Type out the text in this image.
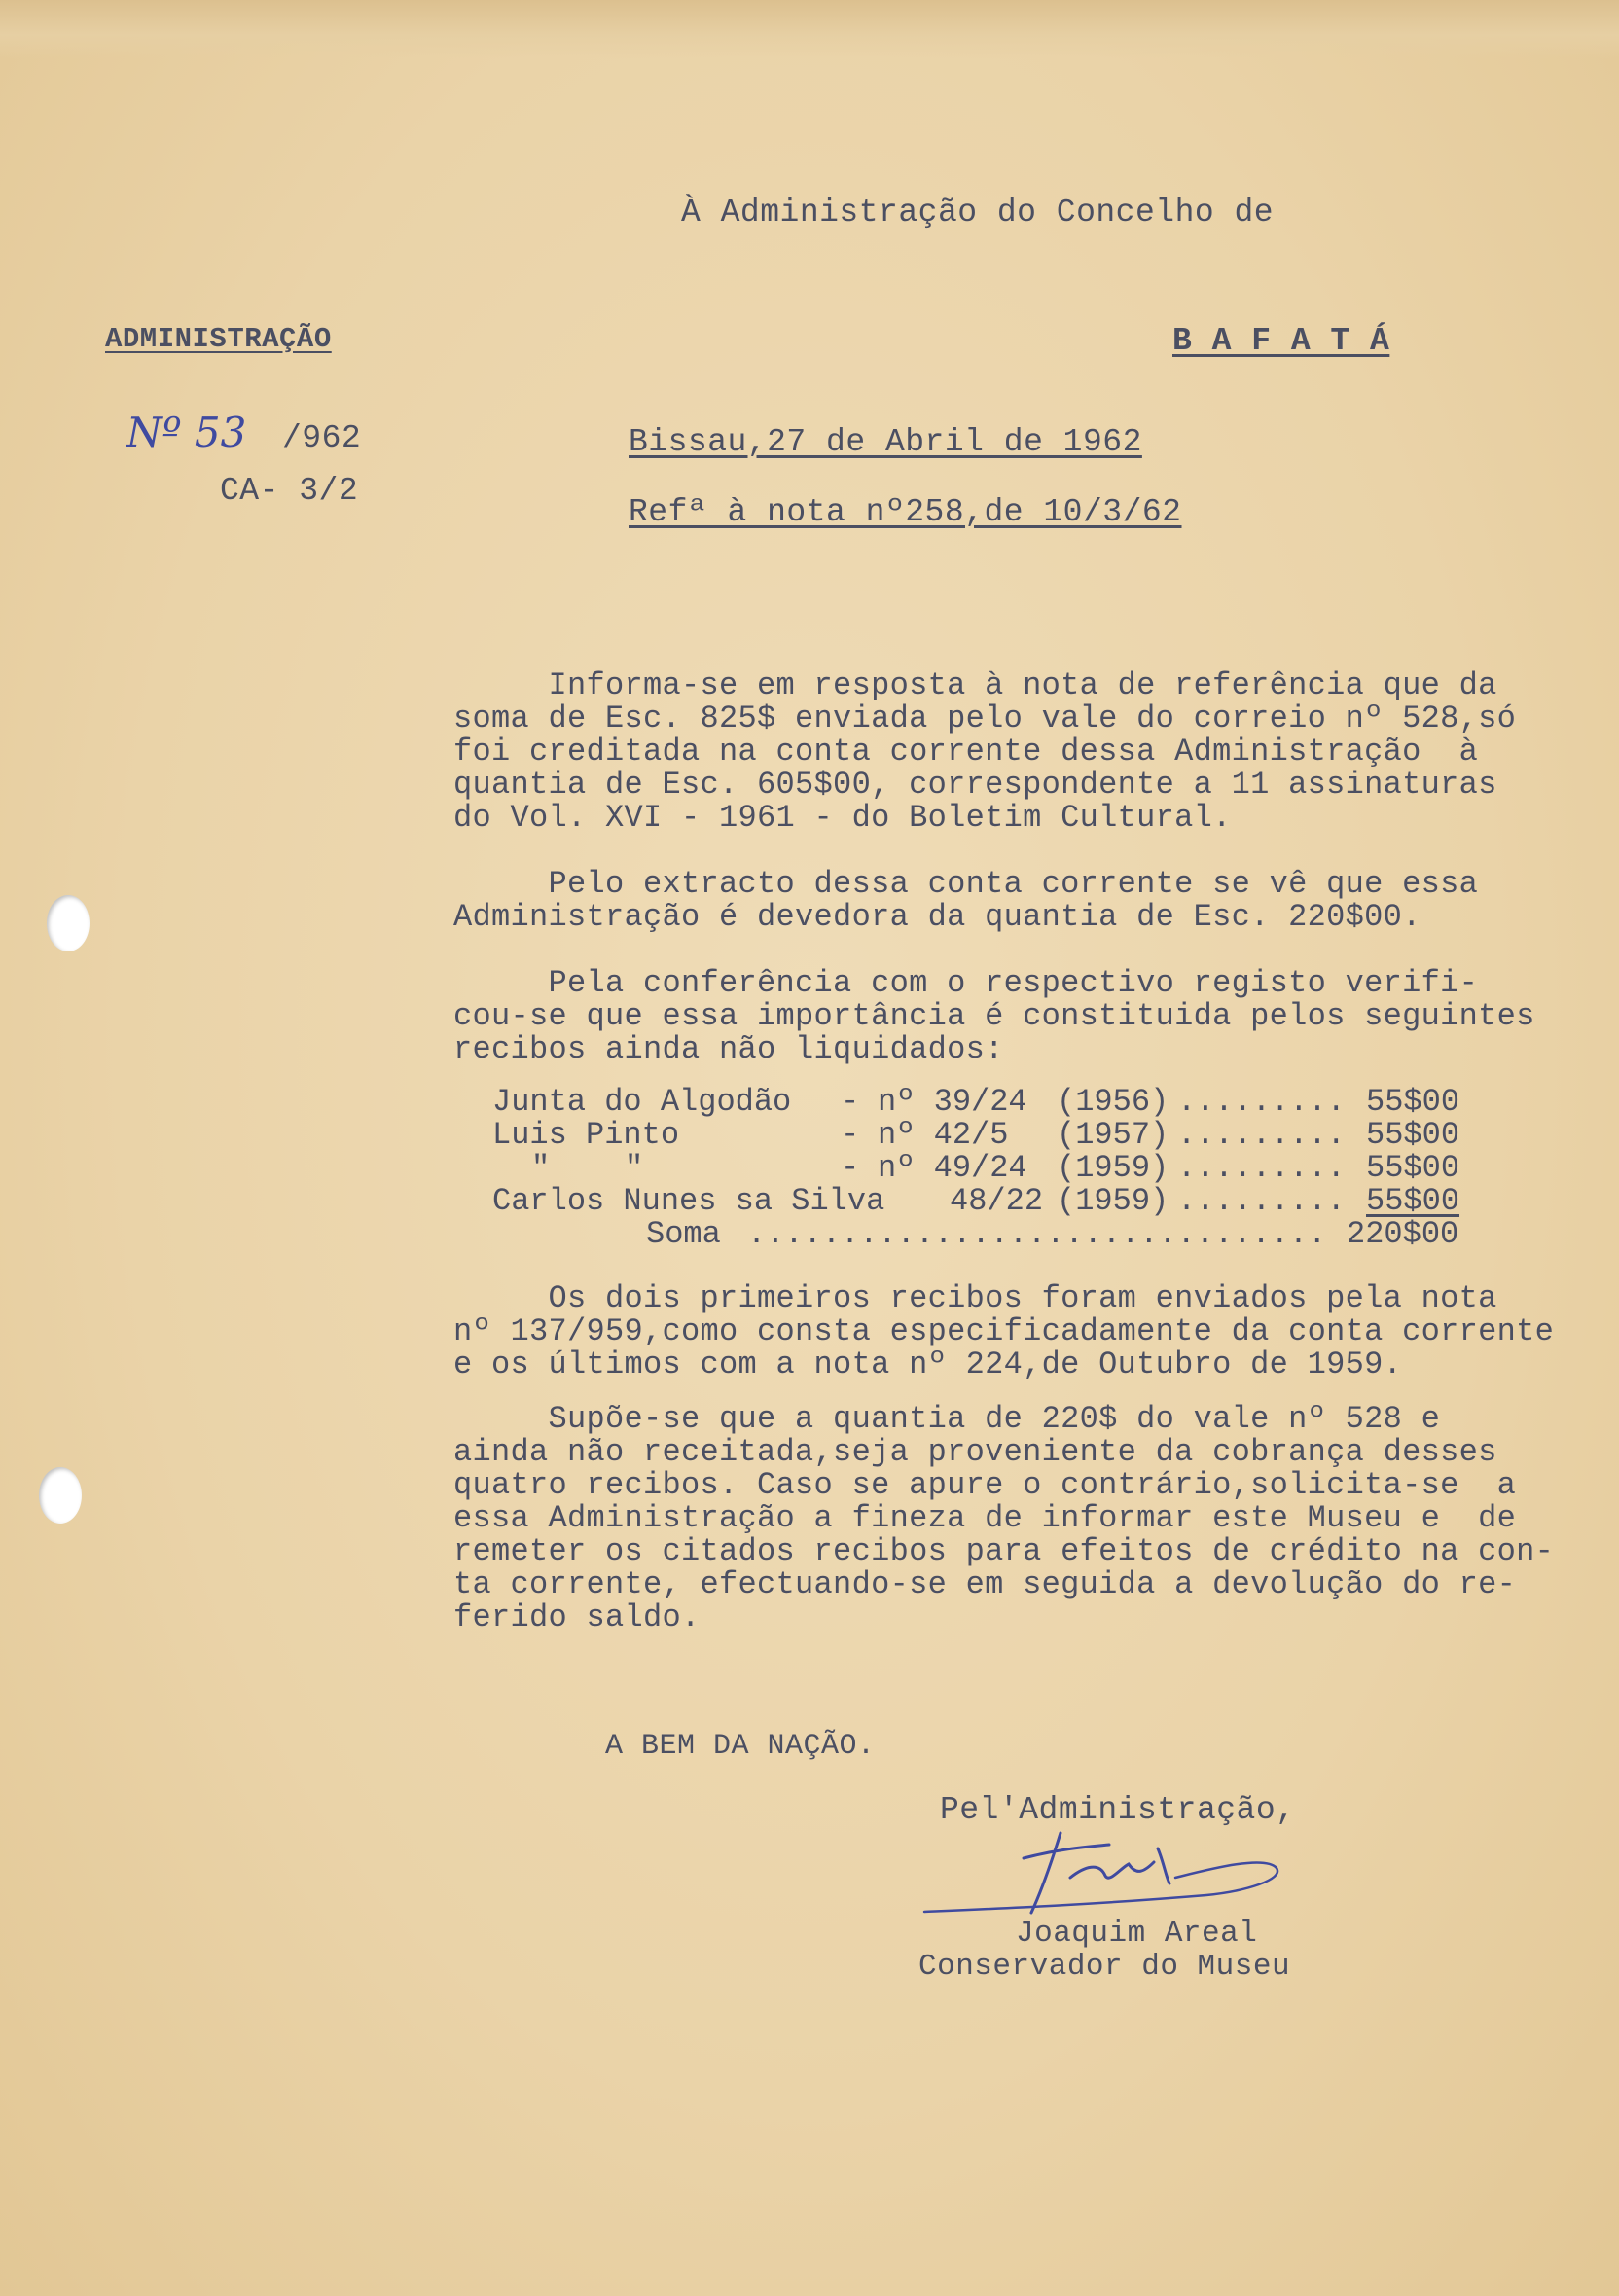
À Administração do Concelho de
ADMINISTRAÇÃO	B A F A T Á
Nº 53 /962
CA- 3/2
Bissau,27 de Abril de 1962
Refª à nota nº258,de 10/3/62
Informa-se em resposta à nota de referência que da
soma de Esc. 825$ enviada pelo vale do correio nº 528,só
foi creditada na conta corrente dessa Administração  à
quantia de Esc. 605$00, correspondente a 11 assinaturas
do Vol. XVI - 1961 - do Boletim Cultural.
Pelo extracto dessa conta corrente se vê que essa
Administração é devedora da quantia de Esc. 220$00.
Pela conferência com o respectivo registo verifi-
cou-se que essa importância é constituida pelos seguintes
recibos ainda não liquidados:
Junta do Algodão - nº 39/24 (1956) ......... 55$00
Luis Pinto	- nº 42/5 (1957) ......... 55$00
"    "	- nº 49/24 (1959) ......... 55$00
Carlos Nunes sa Silva 48/22 (1959) ......... 55$00
Soma ............................... 220$00
Os dois primeiros recibos foram enviados pela nota
nº 137/959,como consta especificadamente da conta corrente
e os últimos com a nota nº 224,de Outubro de 1959.
Supõe-se que a quantia de 220$ do vale nº 528 e
ainda não receitada,seja proveniente da cobrança desses
quatro recibos. Caso se apure o contrário,solicita-se  a
essa Administração a fineza de informar este Museu e  de
remeter os citados recibos para efeitos de crédito na con-
ta corrente, efectuando-se em seguida a devolução do re-
ferido saldo.
A BEM DA NAÇÃO.
Pel'Administração,
Joaquim Areal
Conservador do Museu
